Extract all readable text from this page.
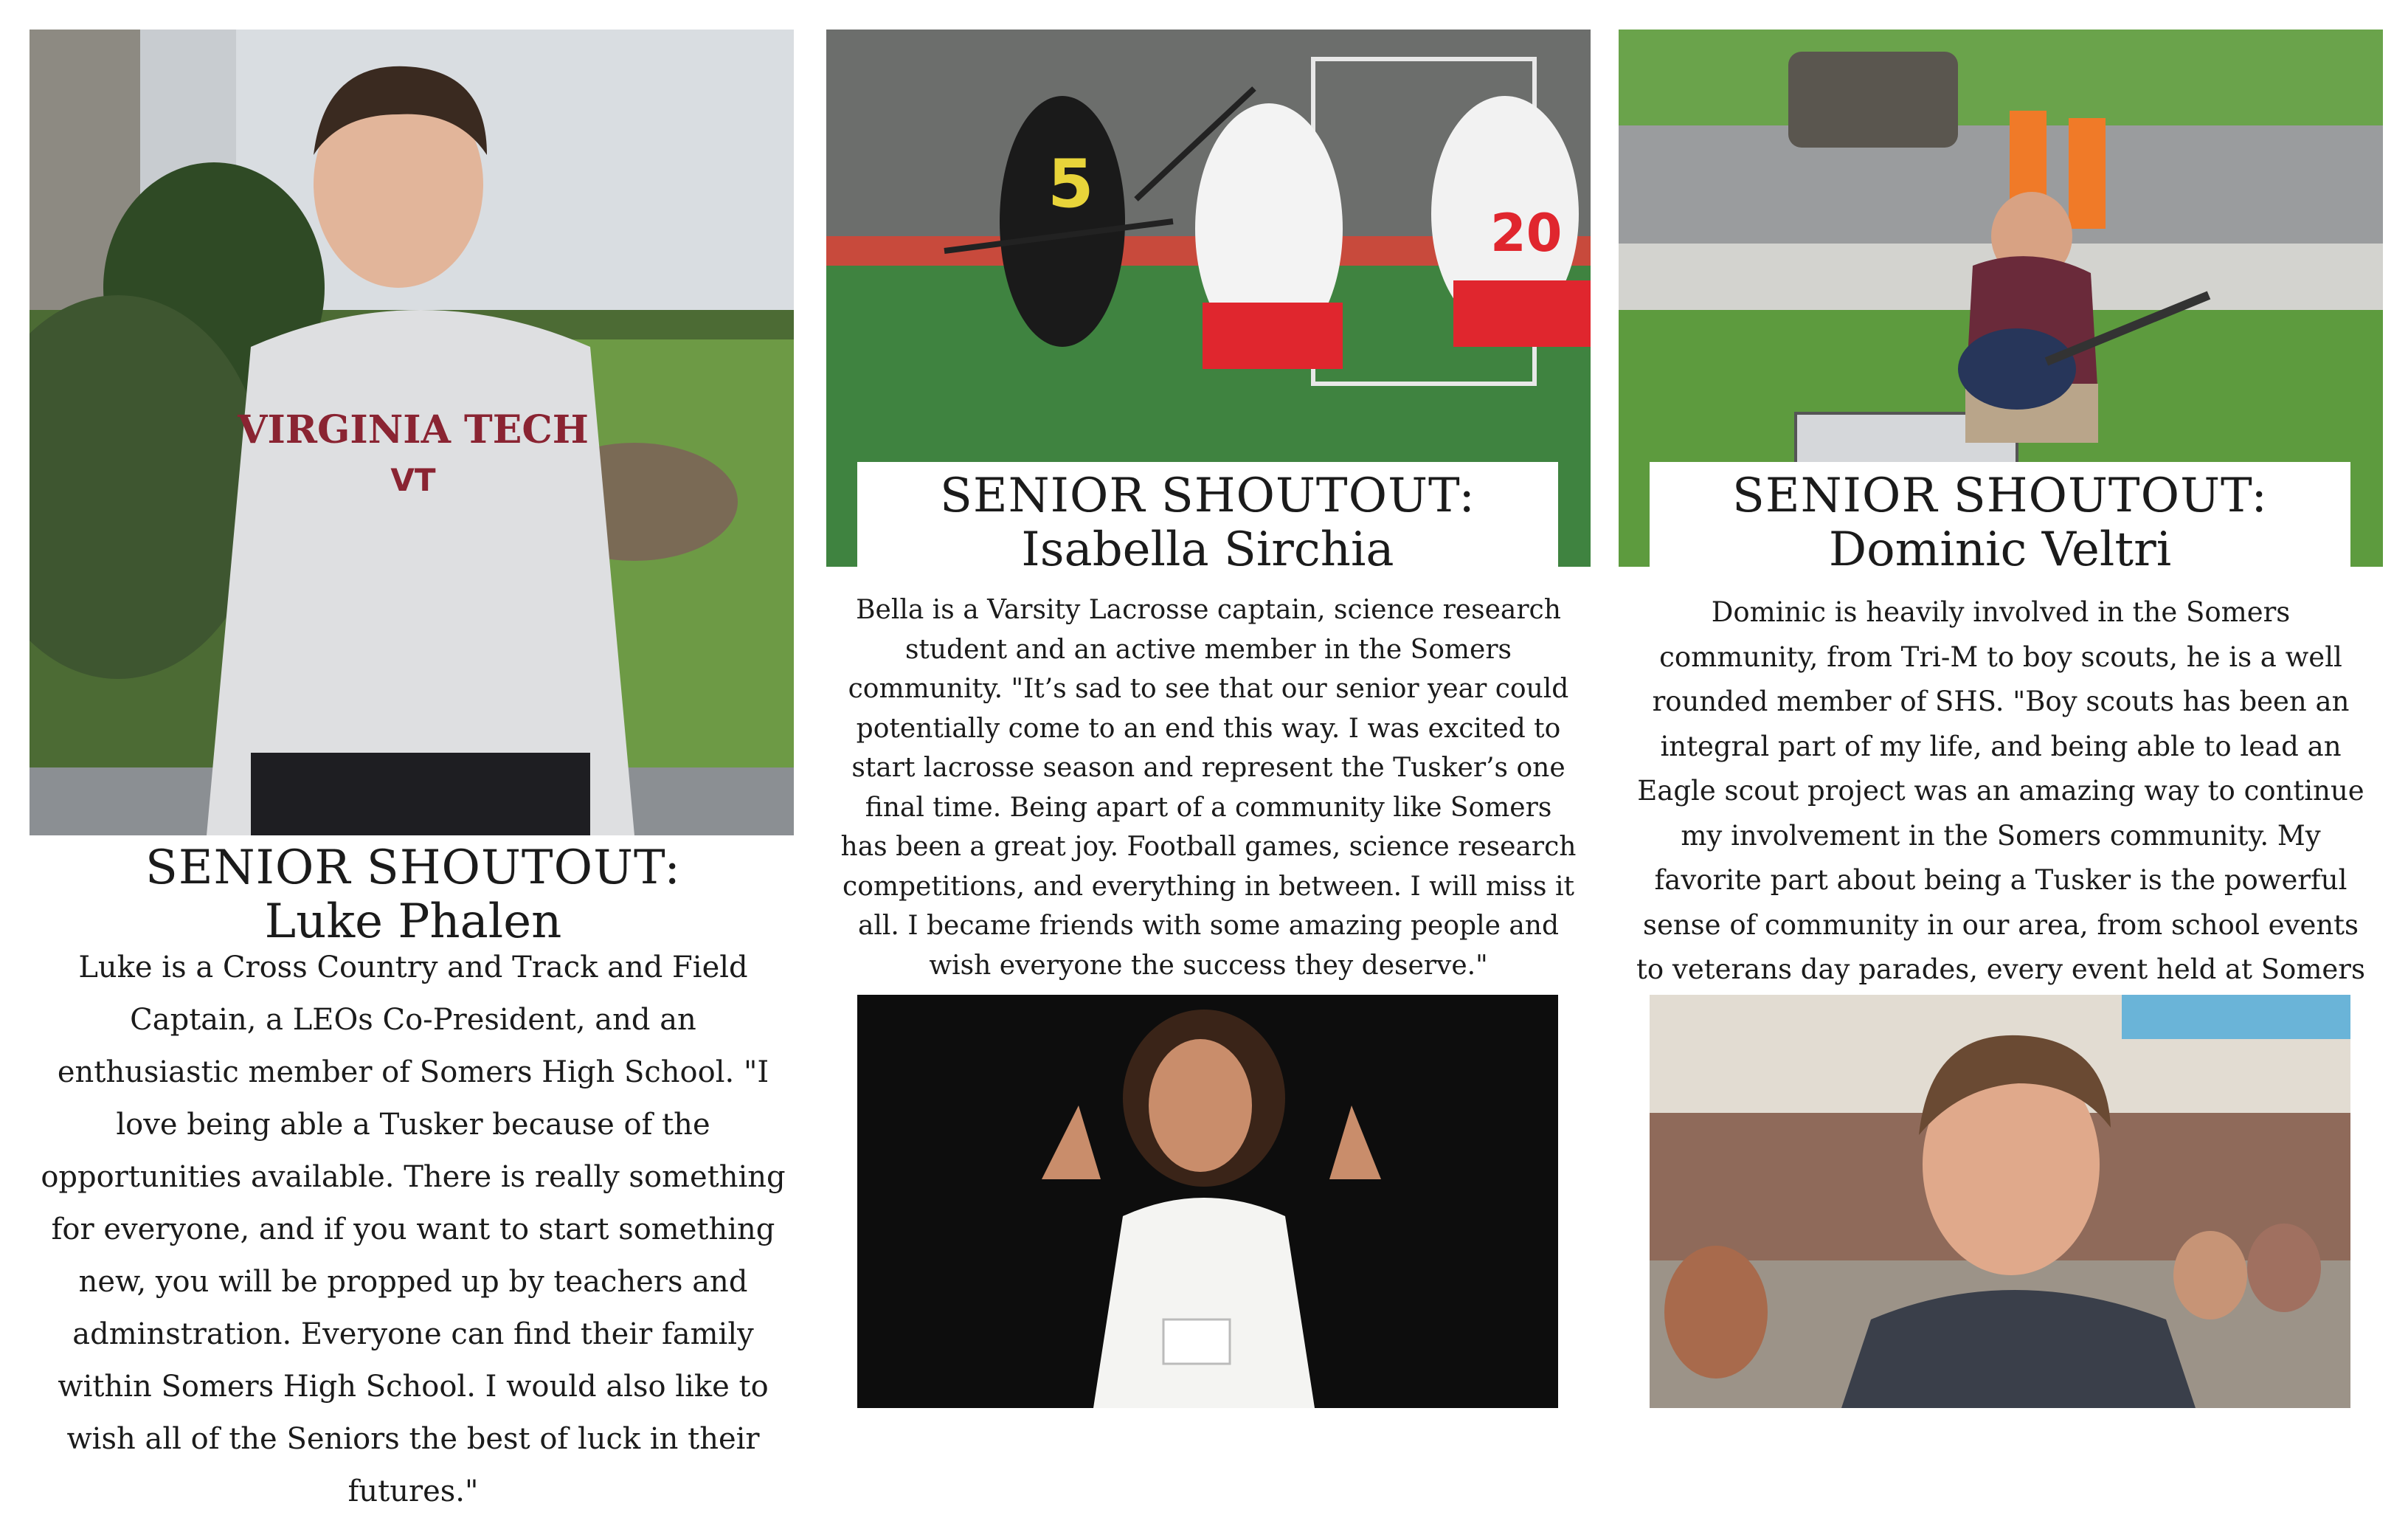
VIRGINIA TECH
VT
SENIOR SHOUTOUT:
Luke Phalen

Luke is a Cross Country and Track and Field Captain, a LEOs Co-President, and an enthusiastic member of Somers High School. "I love being able a Tusker because of the opportunities available. There is really something for everyone, and if you want to start something new, you will be propped up by teachers and adminstration. Everyone can find their family within Somers High School. I would also like to wish all of the Seniors the best of luck in their futures."

5
20
SENIOR SHOUTOUT:
Isabella Sirchia

Bella is a Varsity Lacrosse captain, science research student and an active member in the Somers community. "It’s sad to see that our senior year could potentially come to an end this way. I was excited to start lacrosse season and represent the Tusker’s one final time. Being apart of a community like Somers has been a great joy. Football games, science research competitions, and everything in between. I will miss it all. I became friends with some amazing people and wish everyone the success they deserve."

SENIOR SHOUTOUT:
Dominic Veltri

Dominic is heavily involved in the Somers community, from Tri-M to boy scouts, he is a well rounded member of SHS. "Boy scouts has been an integral part of my life, and being able to lead an Eagle scout project was an amazing way to continue my involvement in the Somers community. My favorite part about being a Tusker is the powerful sense of community in our area, from school events to veterans day parades, every event held at Somers
